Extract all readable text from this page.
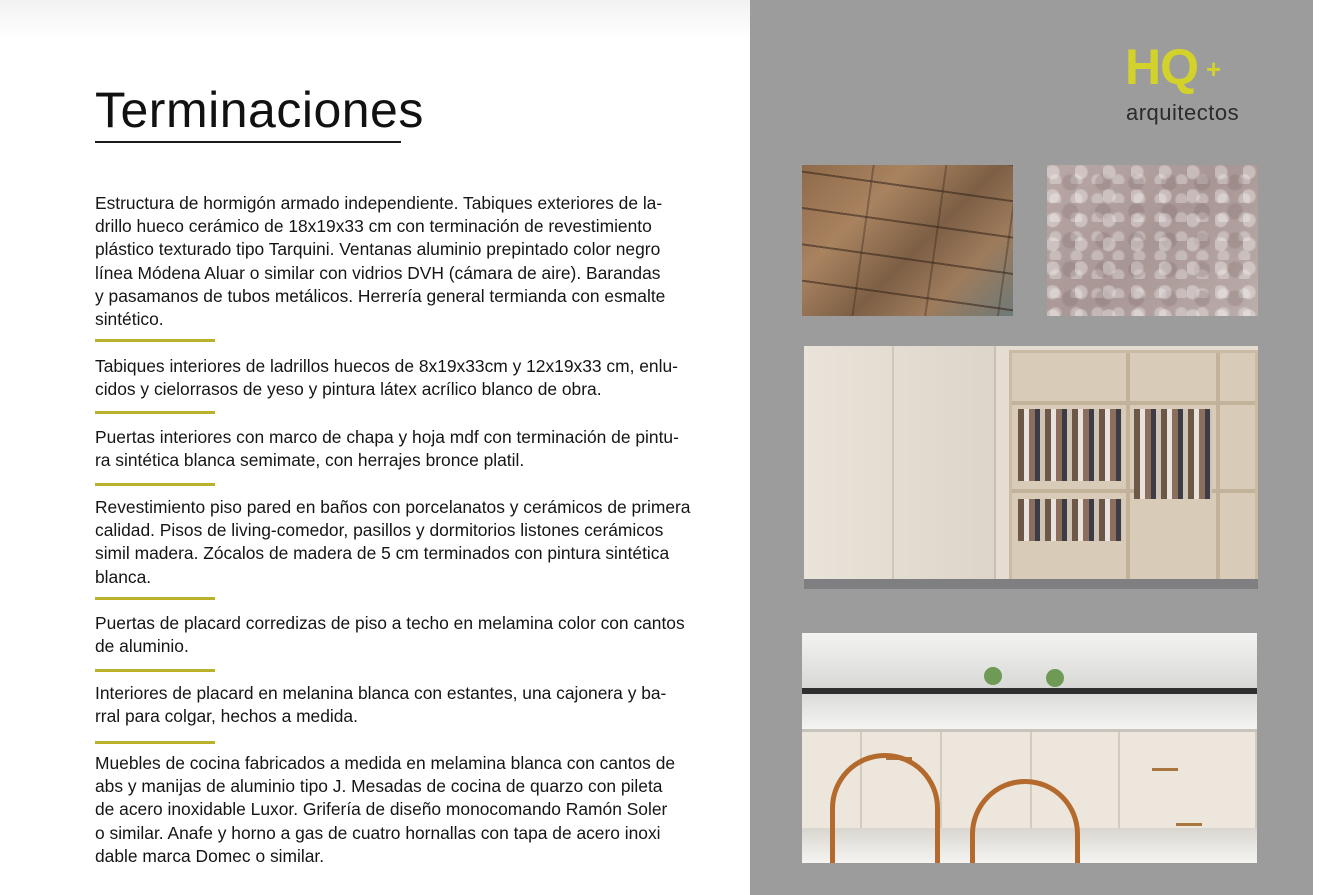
Terminaciones
Estructura de hormigón armado independiente. Tabiques exteriores de la-
drillo hueco cerámico de 18x19x33 cm con terminación de revestimiento
plástico texturado tipo Tarquini. Ventanas aluminio prepintado color negro
línea Módena Aluar o similar con vidrios DVH (cámara de aire). Barandas
y pasamanos de tubos metálicos. Herrería general termianda con esmalte
sintético.
Tabiques interiores de ladrillos huecos de 8x19x33cm y 12x19x33 cm, enlu-
cidos y cielorrasos de yeso y pintura látex acrílico blanco de obra.
Puertas interiores con marco de chapa y hoja mdf con terminación de pintu-
ra sintética blanca semimate, con herrajes bronce platil.
Revestimiento piso pared en baños con porcelanatos y cerámicos de primera
calidad. Pisos de living-comedor, pasillos y dormitorios listones cerámicos
simil madera. Zócalos de madera de 5 cm terminados con pintura sintética
blanca.
Puertas de placard corredizas de piso a techo en melamina color con cantos
de aluminio.
Interiores de placard en melanina blanca con estantes, una cajonera y ba-
rral para colgar, hechos a medida.
Muebles de cocina fabricados a medida en melamina blanca con cantos de
abs y manijas de aluminio tipo J. Mesadas de cocina de quarzo con pileta
de acero inoxidable Luxor. Grifería de diseño monocomando Ramón Soler
o similar. Anafe y horno a gas de cuatro hornallas con tapa de acero inoxi
dable marca Domec o similar.
HQ +
arquitectos
